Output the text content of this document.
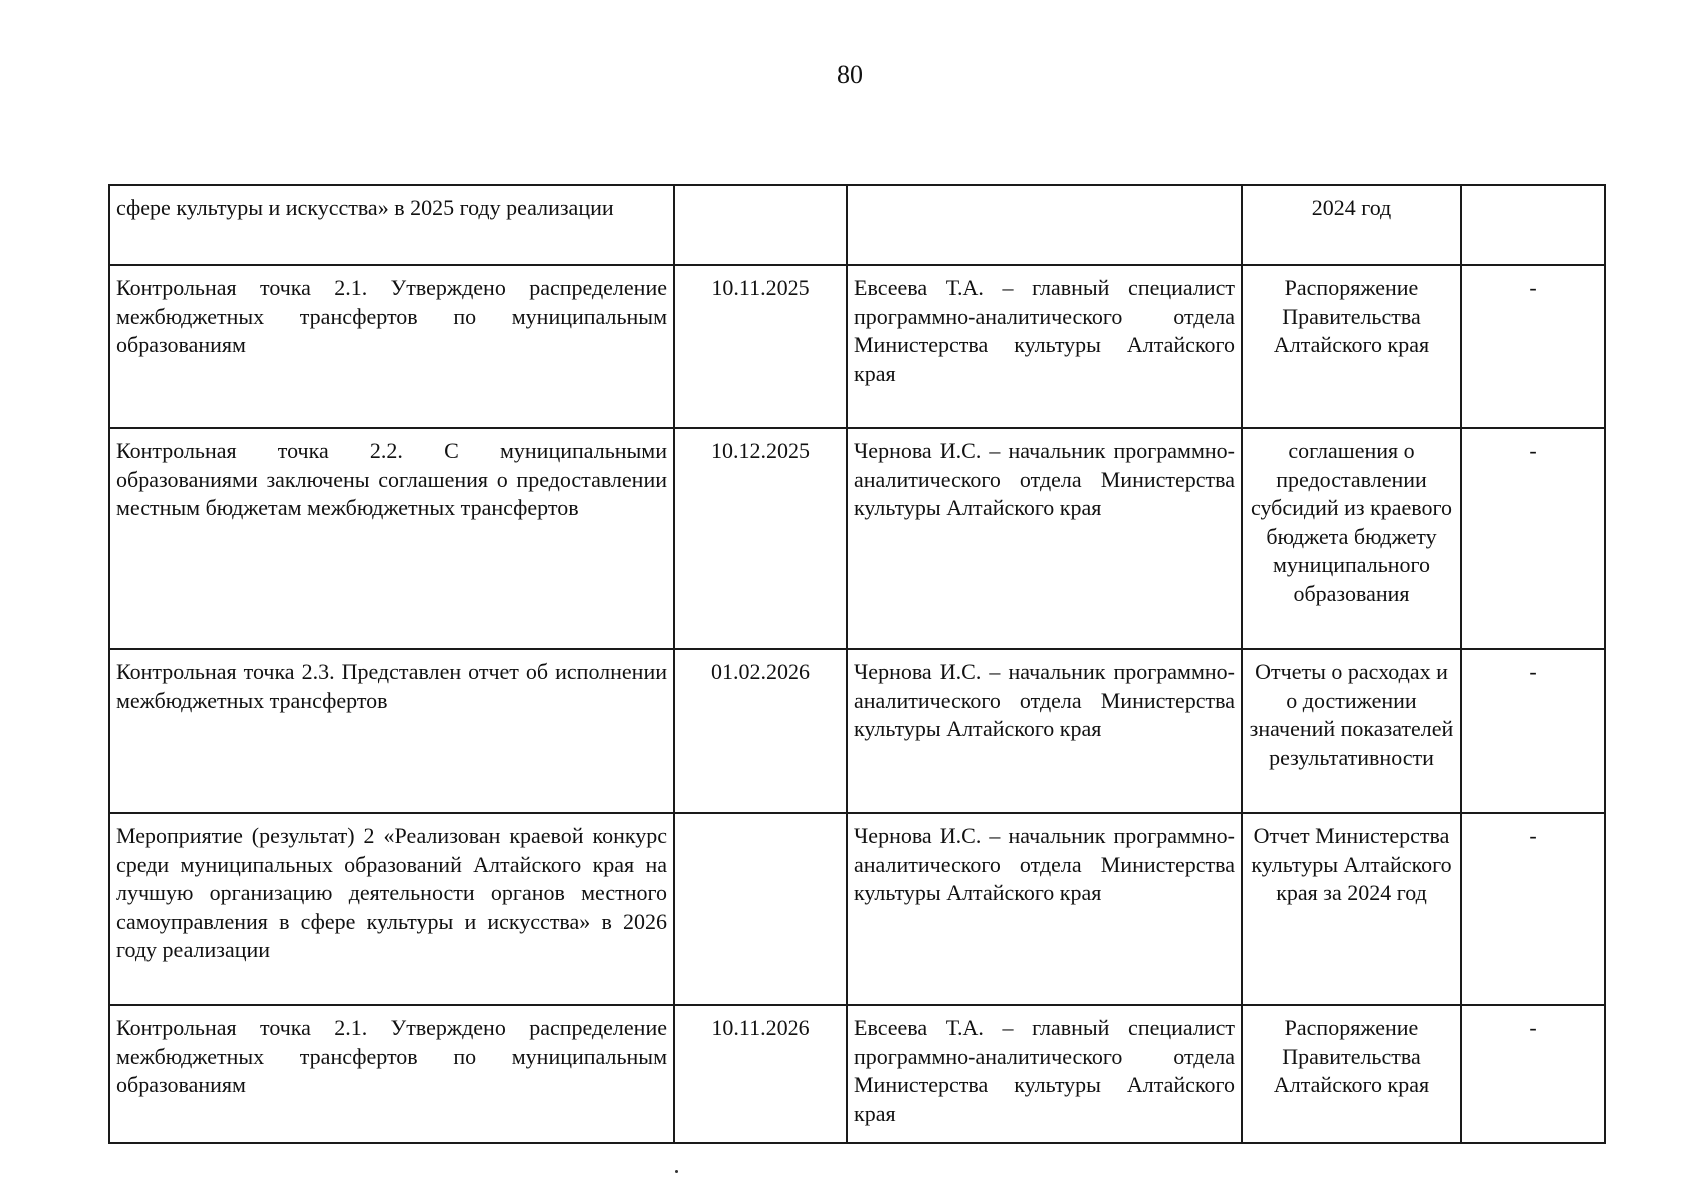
80
сфере культуры и искусства» в 2025 году реализации			2024 год	
Контрольная точка 2.1. Утверждено распределение межбюджетных трансфертов по муниципальным образованиям	10.11.2025	Евсеева Т.А. – главный специалист программно-аналитического отдела Министерства культуры Алтайского края	Распоряжение Правительства Алтайского края	-
Контрольная точка 2.2. С муниципальными образованиями заключены соглашения о предоставлении местным бюджетам межбюджетных трансфертов	10.12.2025	Чернова И.С. – начальник программно-аналитического отдела Министерства культуры Алтайского края	соглашения о предоставлении субсидий из краевого бюджета бюджету муниципального образования	-
Контрольная точка 2.3. Представлен отчет об исполнении межбюджетных трансфертов	01.02.2026	Чернова И.С. – начальник программно-аналитического отдела Министерства культуры Алтайского края	Отчеты о расходах и о достижении значений показателей результативности	-
Мероприятие (результат) 2 «Реализован краевой конкурс среди муниципальных образований Алтайского края на лучшую организацию деятельности органов местного самоуправления в сфере культуры и искусства» в 2026 году реализации		Чернова И.С. – начальник программно-аналитического отдела Министерства культуры Алтайского края	Отчет Министерства культуры Алтайского края за 2024 год	-
Контрольная точка 2.1. Утверждено распределение межбюджетных трансфертов по муниципальным образованиям	10.11.2026	Евсеева Т.А. – главный специалист программно-аналитического отдела Министерства культуры Алтайского края	Распоряжение Правительства Алтайского края	-
